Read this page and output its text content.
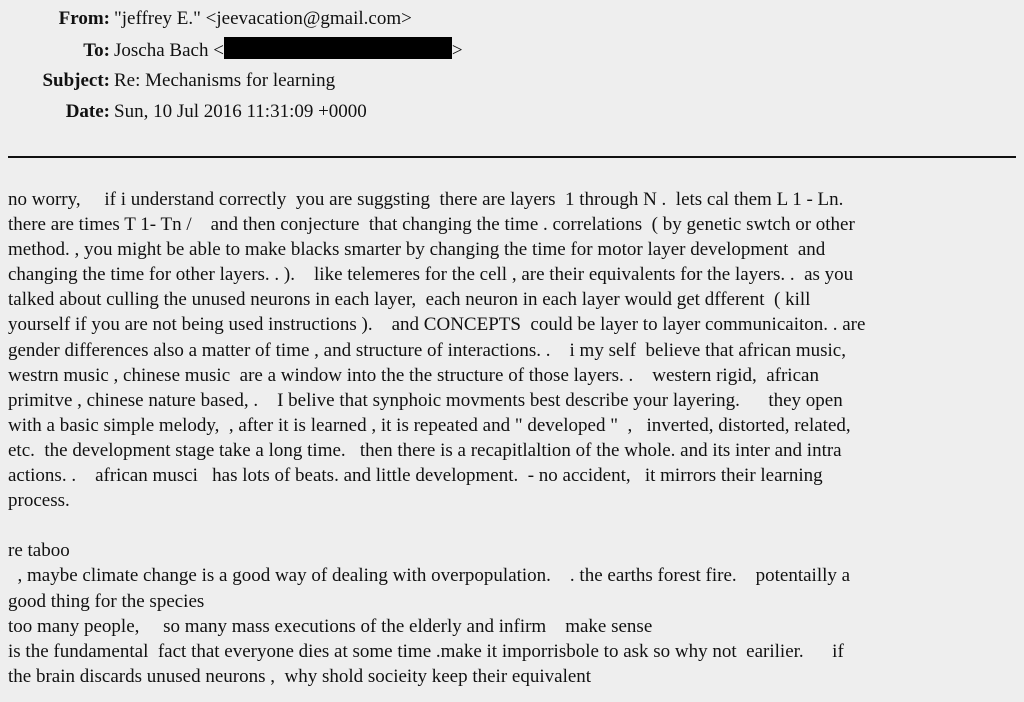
From: "jeffrey E." <jeevacation@gmail.com>
To: Joscha Bach <	>
Subject: Re: Mechanisms for learning
Date: Sun, 10 Jul 2016 11:31:09 +0000
no worry,     if i understand correctly  you are suggsting  there are layers  1 through N .  lets cal them L 1 - Ln.
there are times T 1- Tn /    and then conjecture  that changing the time . correlations  ( by genetic swtch or other
method. , you might be able to make blacks smarter by changing the time for motor layer development  and
changing the time for other layers. . ).    like telemeres for the cell , are their equivalents for the layers. .  as you
talked about culling the unused neurons in each layer,  each neuron in each layer would get dfferent  ( kill
yourself if you are not being used instructions ).    and CONCEPTS  could be layer to layer communicaiton. . are
gender differences also a matter of time , and structure of interactions. .    i my self  believe that african music,
westrn music , chinese music  are a window into the the structure of those layers. .    western rigid,  african
primitve , chinese nature based, .    I belive that synphoic movments best describe your layering.      they open
with a basic simple melody,  , after it is learned , it is repeated and " developed "  ,   inverted, distorted, related,
etc.  the development stage take a long time.   then there is a recapitlaltion of the whole. and its inter and intra
actions. .    african musci   has lots of beats. and little development.  - no accident,   it mirrors their learning
process.
re taboo
, maybe climate change is a good way of dealing with overpopulation.    . the earths forest fire.    potentailly a
good thing for the species
too many people,     so many mass executions of the elderly and infirm    make sense
is the fundamental  fact that everyone dies at some time .make it imporrisbole to ask so why not  earilier.      if
the brain discards unused neurons ,  why shold socieity keep their equivalent
